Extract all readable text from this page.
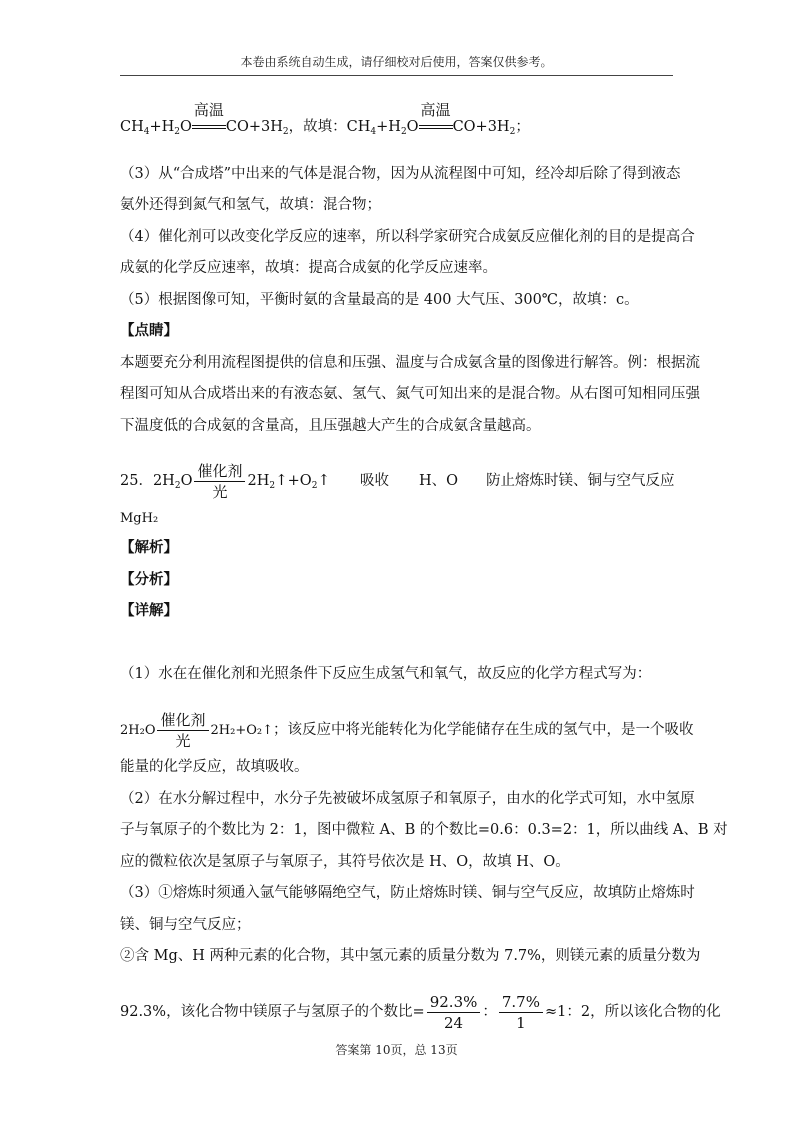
本卷由系统自动生成，请仔细校对后使用，答案仅供参考。
$CH_4+H_2O$
高温
$CO+3H_2$，故填：$CH_4+H_2O$
高温
$CO+3H_2$；
（3）从“合成塔”中出来的气体是混合物，因为从流程图中可知，经冷却后除了得到液态
氨外还得到氮气和氢气，故填：混合物；
（4）催化剂可以改变化学反应的速率，所以科学家研究合成氨反应催化剂的目的是提高合
成氨的化学反应速率，故填：提高合成氨的化学反应速率。
（5）根据图像可知，平衡时氨的含量最高的是 400 大气压、300℃，故填：c。
【点睛】
本题要充分利用流程图提供的信息和压强、温度与合成氨含量的图像进行解答。例：根据流
程图可知从合成塔出来的有液态氨、氢气、氮气可知出来的是混合物。从右图可知相同压强
下温度低的合成氨的含量高，且压强越大产生的合成氨含量越高。
25．$2H_2O \frac{\text{催化剂}}{\text{光}}$ $2H_2↑+O_2↑$ 吸收 H、O 防止熔炼时镁、铜与空气反应
MgH₂
【解析】
【分析】
【详解】
（1）水在在催化剂和光照条件下反应生成氢气和氧气，故反应的化学方程式写为：
$2H_2O \frac{\text{催化剂}}{\text{光}}$ 2H₂+O₂↑；该反应中将光能转化为化学能储存在生成的氢气中，是一个吸收
能量的化学反应，故填吸收。
（2）在水分解过程中，水分子先被破坏成氢原子和氧原子，由水的化学式可知，水中氢原
子与氧原子的个数比为 2：1，图中微粒 A、B 的个数比=0.6：0.3=2：1，所以曲线 A、B 对
应的微粒依次是氢原子与氧原子，其符号依次是 H、O，故填 H、O。
（3）①熔炼时须通入氩气能够隔绝空气，防止熔炼时镁、铜与空气反应，故填防止熔炼时
镁、铜与空气反应；
②含 Mg、H 两种元素的化合物，其中氢元素的质量分数为 7.7%，则镁元素的质量分数为
92.3%，该化合物中镁原子与氢原子的个数比= $\frac{92.3\%}{24}$ ： $\frac{7.7\%}{1} \approx 1$：2，所以该化合物的化
答案第 10页，总 13页
